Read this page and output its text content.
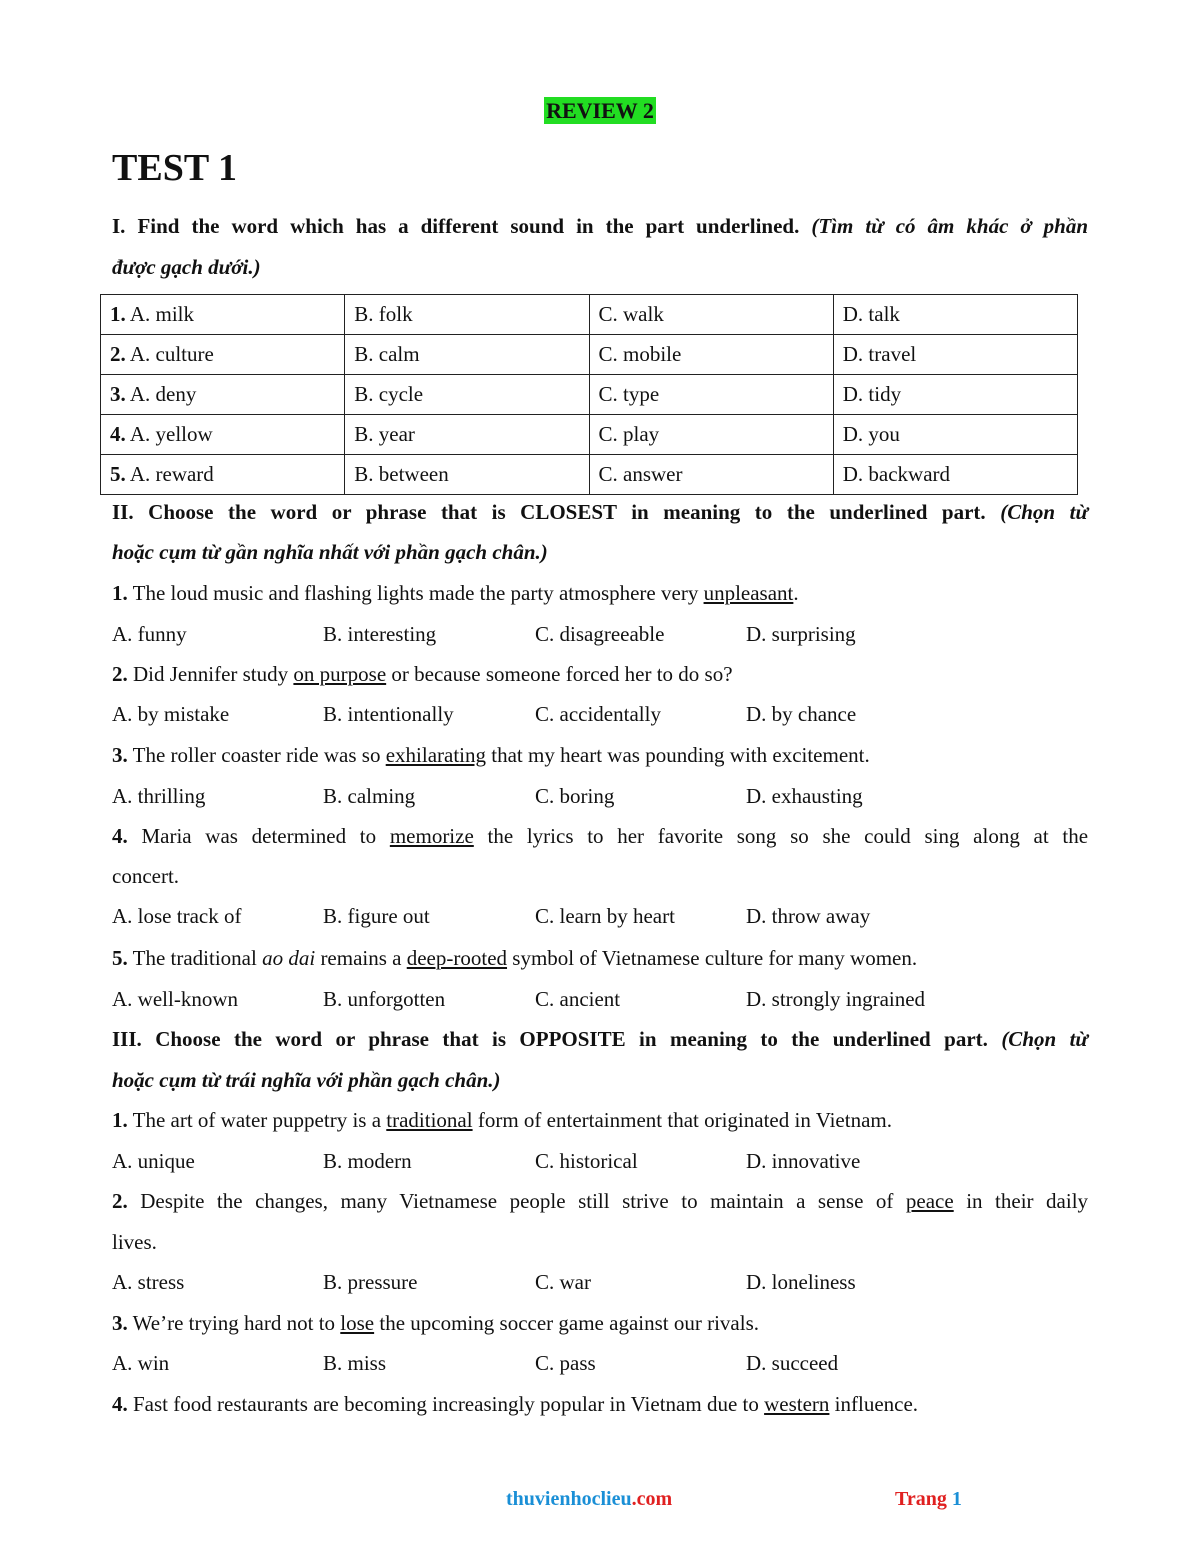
REVIEW 2
TEST 1
I. Find the word which has a different sound in the part underlined. (Tìm từ có âm khác ở phần
được gạch dưới.)
1. A. milk	B. folk	C. walk	D. talk
2. A. culture	B. calm	C. mobile	D. travel
3. A. deny	B. cycle	C. type	D. tidy
4. A. yellow	B. year	C. play	D. you
5. A. reward	B. between	C. answer	D. backward
II. Choose the word or phrase that is CLOSEST in meaning to the underlined part. (Chọn từ
hoặc cụm từ gần nghĩa nhất với phần gạch chân.)
1. The loud music and flashing lights made the party atmosphere very unpleasant.
A. funny	B. interesting	C. disagreeable	D. surprising
2. Did Jennifer study on purpose or because someone forced her to do so?
A. by mistake	B. intentionally	C. accidentally	D. by chance
3. The roller coaster ride was so exhilarating that my heart was pounding with excitement.
A. thrilling	B. calming	C. boring	D. exhausting
4. Maria was determined to memorize the lyrics to her favorite song so she could sing along at the
concert.
A. lose track of	B. figure out	C. learn by heart	D. throw away
5. The traditional ao dai remains a deep-rooted symbol of Vietnamese culture for many women.
A. well-known	B. unforgotten	C. ancient	D. strongly ingrained
III. Choose the word or phrase that is OPPOSITE in meaning to the underlined part. (Chọn từ
hoặc cụm từ trái nghĩa với phần gạch chân.)
1. The art of water puppetry is a traditional form of entertainment that originated in Vietnam.
A. unique	B. modern	C. historical	D. innovative
2. Despite the changes, many Vietnamese people still strive to maintain a sense of peace in their daily
lives.
A. stress	B. pressure	C. war	D. loneliness
3. We’re trying hard not to lose the upcoming soccer game against our rivals.
A. win	B. miss	C. pass	D. succeed
4. Fast food restaurants are becoming increasingly popular in Vietnam due to western influence.
thuvienhoclieu.com	Trang 1
